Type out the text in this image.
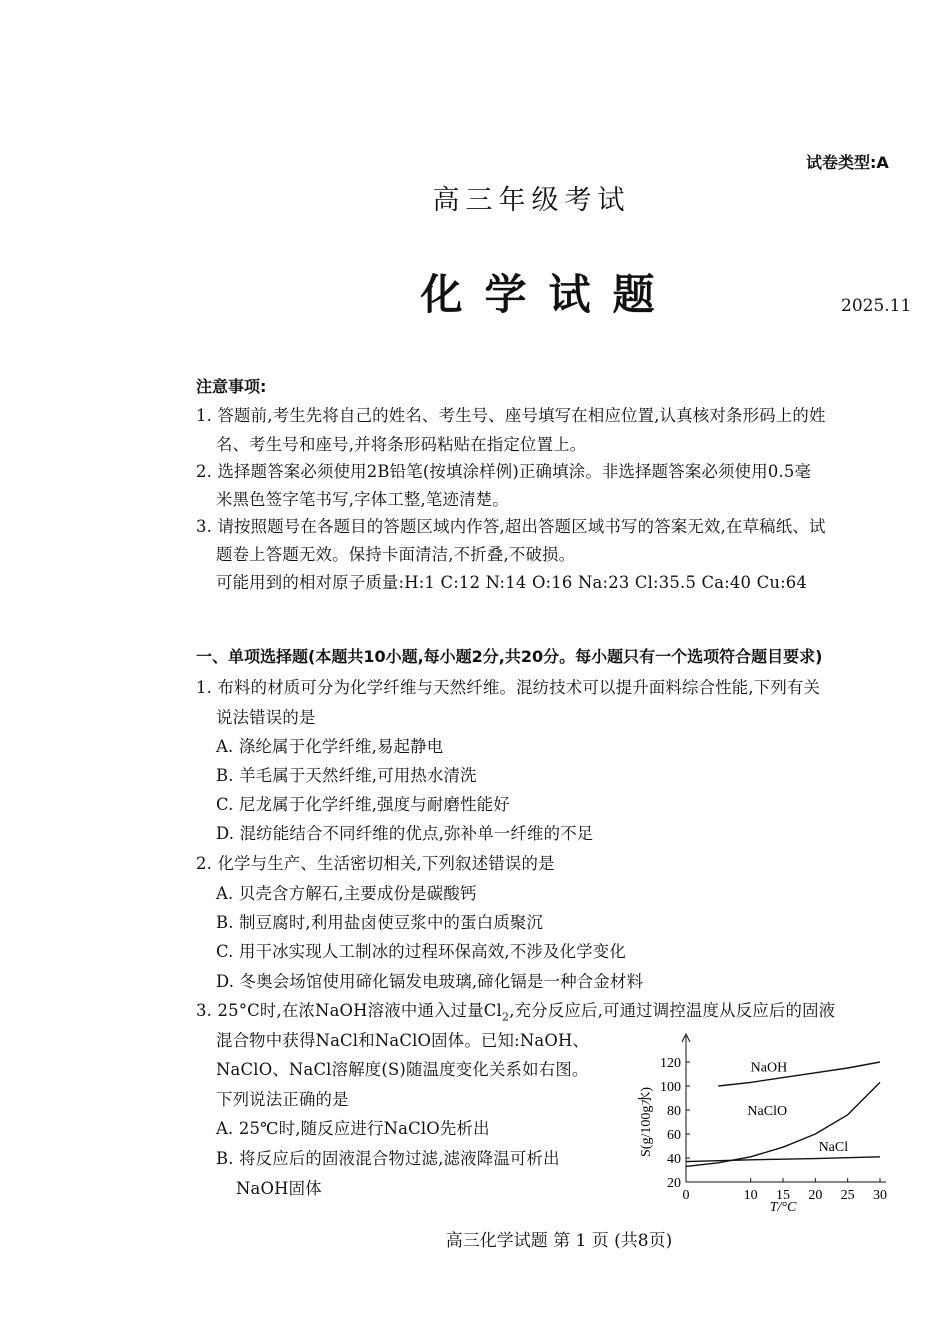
试卷类型:A
高三年级考试
化学试题	2025.11
注意事项:
1. 答题前,考生先将自己的姓名、考生号、座号填写在相应位置,认真核对条形码上的姓
名、考生号和座号,并将条形码粘贴在指定位置上。
2. 选择题答案必须使用2B铅笔(按填涂样例)正确填涂。非选择题答案必须使用0.5毫
米黑色签字笔书写,字体工整,笔迹清楚。
3. 请按照题号在各题目的答题区域内作答,超出答题区域书写的答案无效,在草稿纸、试
题卷上答题无效。保持卡面清洁,不折叠,不破损。
可能用到的相对原子质量:H:1 C:12 N:14 O:16 Na:23 Cl:35.5 Ca:40 Cu:64
一、单项选择题(本题共10小题,每小题2分,共20分。每小题只有一个选项符合题目要求)
1. 布料的材质可分为化学纤维与天然纤维。混纺技术可以提升面料综合性能,下列有关
说法错误的是
A. 涤纶属于化学纤维,易起静电
B. 羊毛属于天然纤维,可用热水清洗
C. 尼龙属于化学纤维,强度与耐磨性能好
D. 混纺能结合不同纤维的优点,弥补单一纤维的不足
2. 化学与生产、生活密切相关,下列叙述错误的是
A. 贝壳含方解石,主要成份是碳酸钙
B. 制豆腐时,利用盐卤使豆浆中的蛋白质聚沉
C. 用干冰实现人工制冰的过程环保高效,不涉及化学变化
D. 冬奥会场馆使用碲化镉发电玻璃,碲化镉是一种合金材料
3. 25°C时,在浓NaOH溶液中通入过量$Cl_2$,充分反应后,可通过调控温度从反应后的固液
混合物中获得NaCl和NaClO固体。已知:NaOH、
NaClO、NaCl溶解度(S)随温度变化关系如右图。
下列说法正确的是
A. 25℃时,随反应进行NaClO先析出
B. 将反应后的固液混合物过滤,滤液降温可析出
NaOH固体
T/°C
S(g/100g水)
20
40
60
80
100
120
0	10 15 20 25 30
NaOH
NaClO
NaCl
高三化学试题 第 1 页 (共8页)
